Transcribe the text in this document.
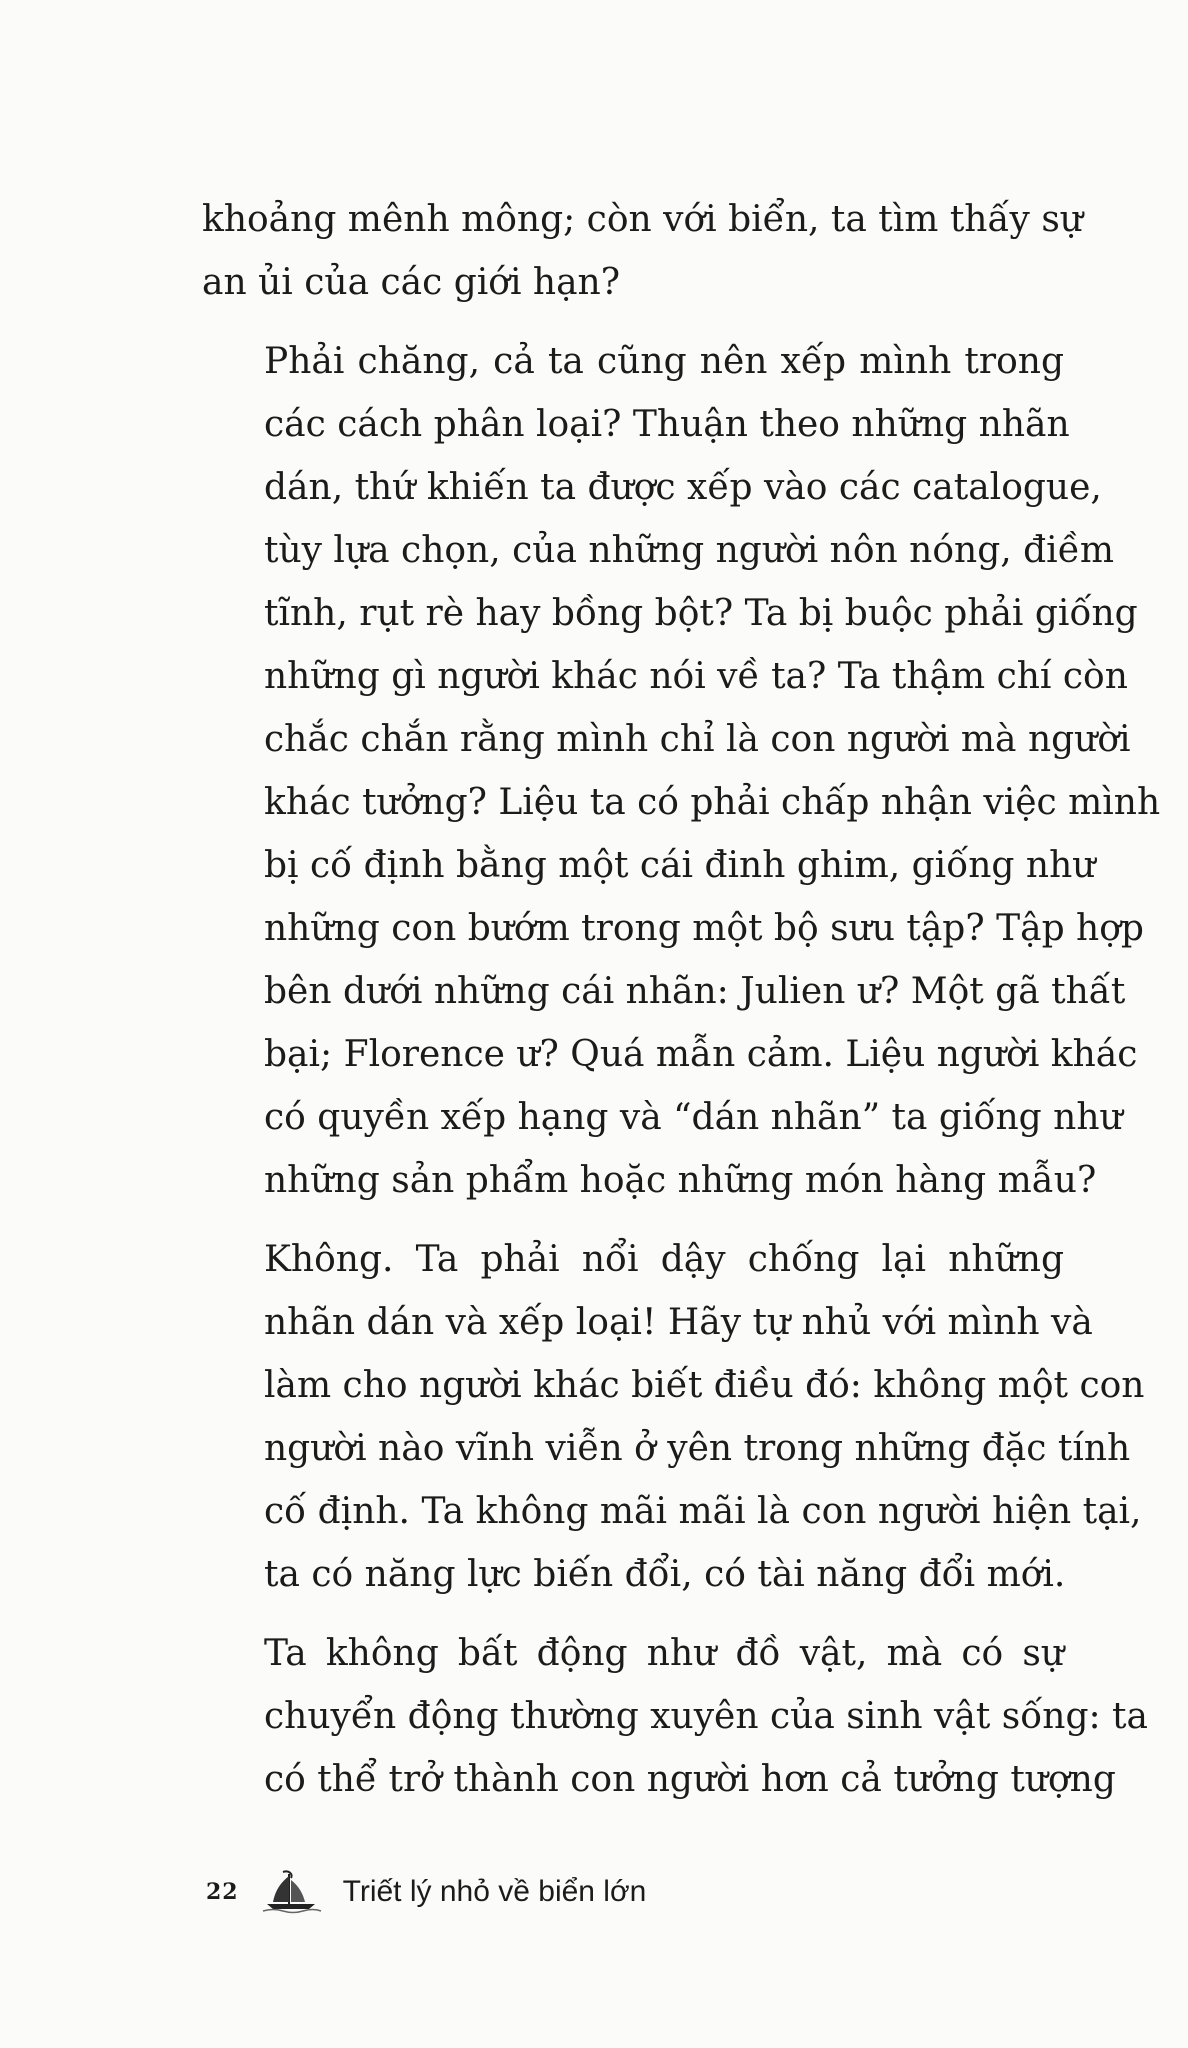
khoảng mênh mông; còn với biển, ta tìm thấy sự
an ủi của các giới hạn?
Phải chăng, cả ta cũng nên xếp mình trong
các cách phân loại? Thuận theo những nhãn
dán, thứ khiến ta được xếp vào các catalogue,
tùy lựa chọn, của những người nôn nóng, điềm
tĩnh, rụt rè hay bồng bột? Ta bị buộc phải giống
những gì người khác nói về ta? Ta thậm chí còn
chắc chắn rằng mình chỉ là con người mà người
khác tưởng? Liệu ta có phải chấp nhận việc mình
bị cố định bằng một cái đinh ghim, giống như
những con bướm trong một bộ sưu tập? Tập hợp
bên dưới những cái nhãn: Julien ư? Một gã thất
bại; Florence ư? Quá mẫn cảm. Liệu người khác
có quyền xếp hạng và “dán nhãn” ta giống như
những sản phẩm hoặc những món hàng mẫu?
Không. Ta phải nổi dậy chống lại những
nhãn dán và xếp loại! Hãy tự nhủ với mình và
làm cho người khác biết điều đó: không một con
người nào vĩnh viễn ở yên trong những đặc tính
cố định. Ta không mãi mãi là con người hiện tại,
ta có năng lực biến đổi, có tài năng đổi mới.
Ta không bất động như đồ vật, mà có sự
chuyển động thường xuyên của sinh vật sống: ta
có thể trở thành con người hơn cả tưởng tượng
22	Triết lý nhỏ về biển lớn
